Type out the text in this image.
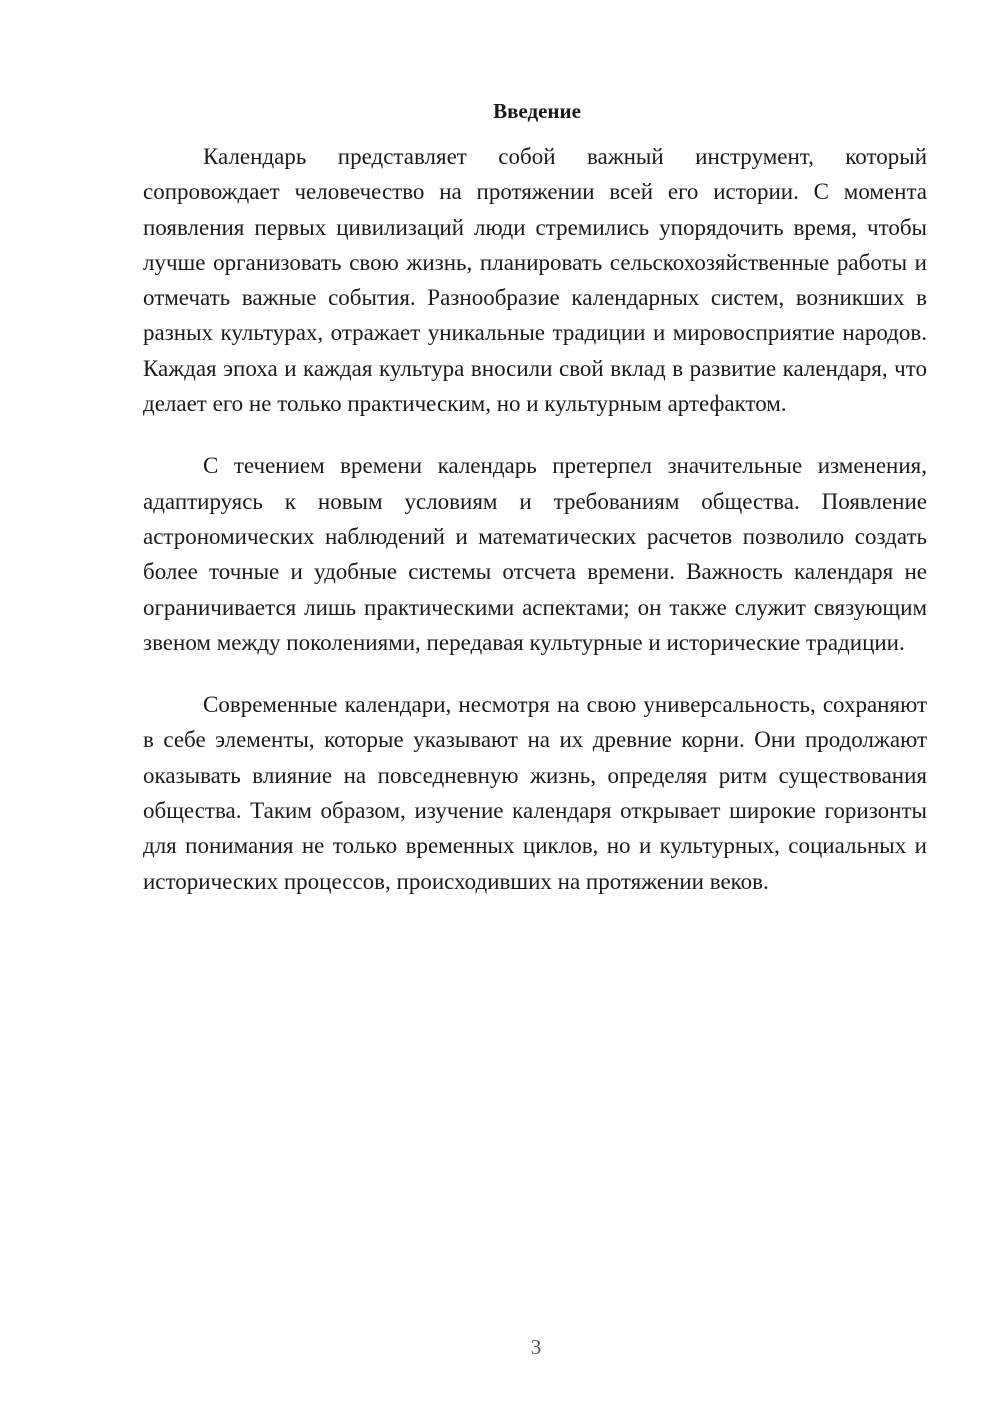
Введение

Календарь представляет собой важный инструмент, который сопровождает человечество на протяжении всей его истории. С момента появления первых цивилизаций люди стремились упорядочить время, чтобы лучше организовать свою жизнь, планировать сельскохозяйственные работы и отмечать важные события. Разнообразие календарных систем, возникших в разных культурах, отражает уникальные традиции и мировосприятие народов. Каждая эпоха и каждая культура вносили свой вклад в развитие календаря, что делает его не только практическим, но и культурным артефактом.

С течением времени календарь претерпел значительные изменения, адаптируясь к новым условиям и требованиям общества. Появление астрономических наблюдений и математических расчетов позволило создать более точные и удобные системы отсчета времени. Важность календаря не ограничивается лишь практическими аспектами; он также служит связующим звеном между поколениями, передавая культурные и исторические традиции.

Современные календари, несмотря на свою универсальность, сохраняют в себе элементы, которые указывают на их древние корни. Они продолжают оказывать влияние на повседневную жизнь, определяя ритм существования общества. Таким образом, изучение календаря открывает широкие горизонты для понимания не только временных циклов, но и культурных, социальных и исторических процессов, происходивших на протяжении веков.

3
